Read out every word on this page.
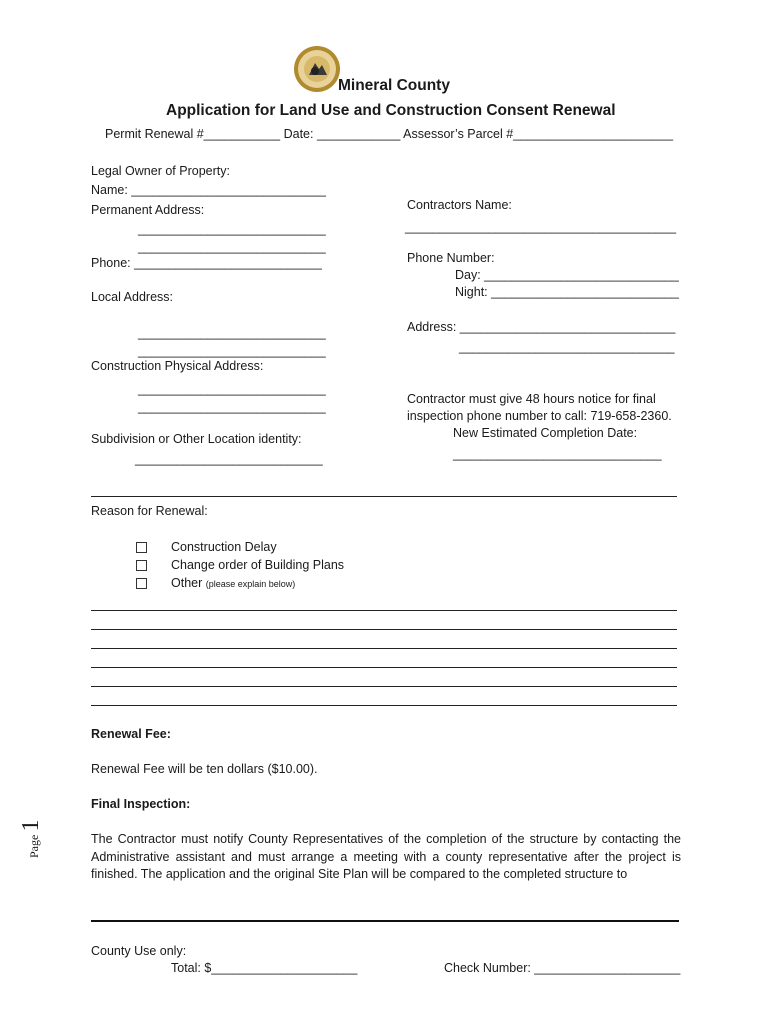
Mineral County
Application for Land Use and Construction Consent Renewal
Permit Renewal #___________ Date: ____________ Assessor’s Parcel #_______________________
Legal Owner of Property:
Name: ____________________________
Permanent Address:
___________________________
___________________________
Phone: ___________________________
Local Address:
___________________________
___________________________
Construction Physical Address:
___________________________
___________________________
Subdivision or Other Location identity:
___________________________
Contractors Name:
_______________________________________
Phone Number:
Day: ____________________________
Night: ___________________________
Address: _______________________________
_______________________________
Contractor must give 48 hours notice for final
inspection phone number to call: 719-658-2360.
New Estimated Completion Date:
______________________________
Reason for Renewal:
Construction Delay
Change order of Building Plans
Other (please explain below)
Renewal Fee:
Renewal Fee will be ten dollars ($10.00).
Final Inspection:
The Contractor must notify County Representatives of the completion of the structure by contacting the Administrative assistant and must arrange a meeting with a county representative after the project is finished. The application and the original Site Plan will be compared to the completed structure to
County Use only:
Total: $_____________________	Check Number: _____________________
Page 1
